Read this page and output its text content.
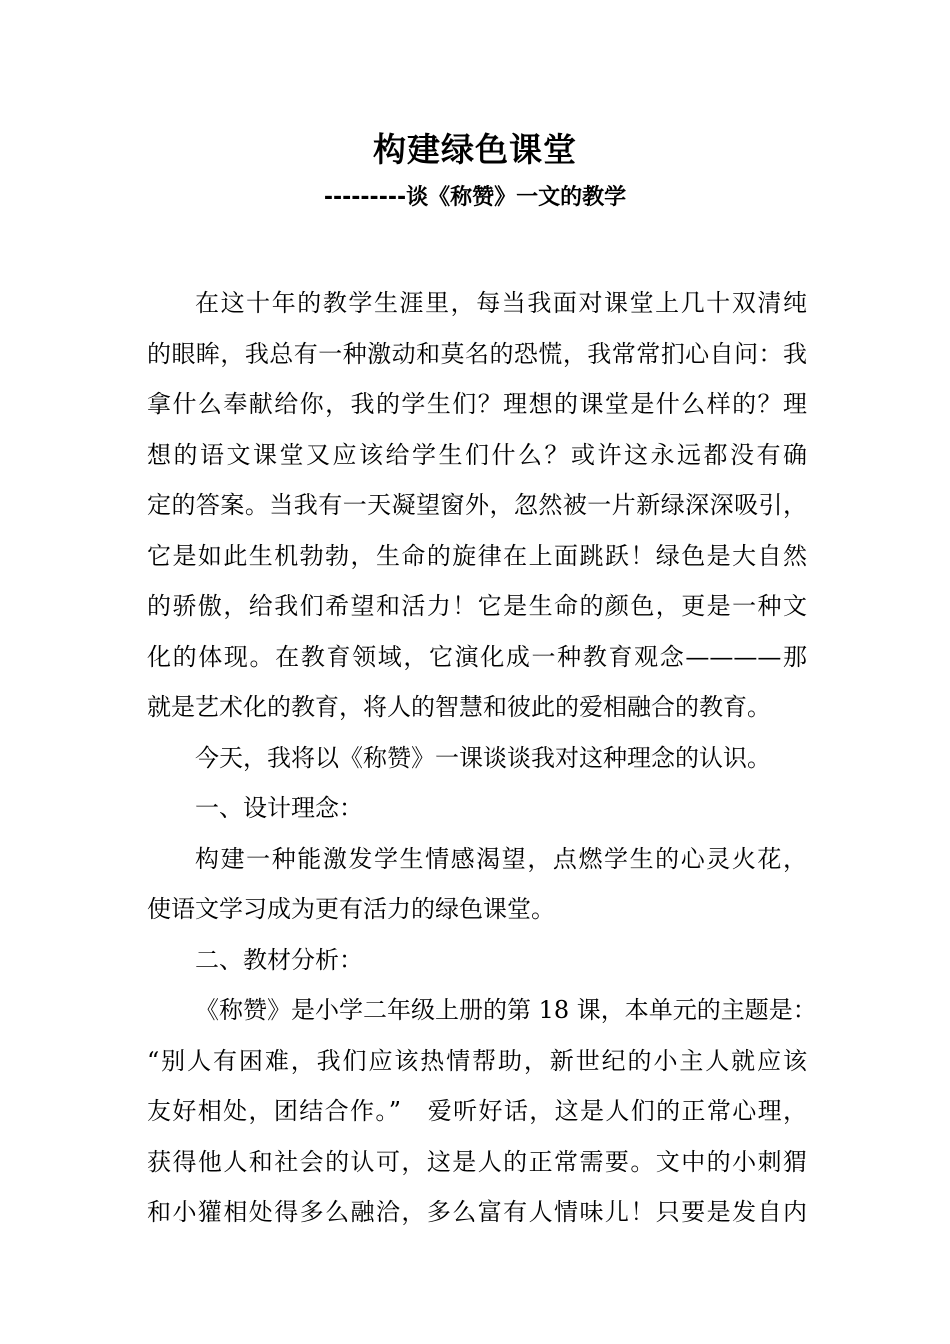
构建绿色课堂
---------谈《称赞》一文的教学
在这十年的教学生涯里，每当我面对课堂上几十双清纯
的眼眸，我总有一种激动和莫名的恐慌，我常常扪心自问：我
拿什么奉献给你，我的学生们？理想的课堂是什么样的？理
想的语文课堂又应该给学生们什么？或许这永远都没有确
定的答案。当我有一天凝望窗外，忽然被一片新绿深深吸引，
它是如此生机勃勃，生命的旋律在上面跳跃！绿色是大自然
的骄傲，给我们希望和活力！它是生命的颜色，更是一种文
化的体现。在教育领域，它演化成一种教育观念————那
就是艺术化的教育，将人的智慧和彼此的爱相融合的教育。
今天，我将以《称赞》一课谈谈我对这种理念的认识。
一、设计理念：
构建一种能激发学生情感渴望，点燃学生的心灵火花，
使语文学习成为更有活力的绿色课堂。
二、教材分析：
《称赞》是小学二年级上册的第 18 课，本单元的主题是：
“别人有困难，我们应该热情帮助，新世纪的小主人就应该
友好相处，团结合作。”　爱听好话，这是人们的正常心理，
获得他人和社会的认可，这是人的正常需要。文中的小刺猬
和小獾相处得多么融洽，多么富有人情味儿！只要是发自内
